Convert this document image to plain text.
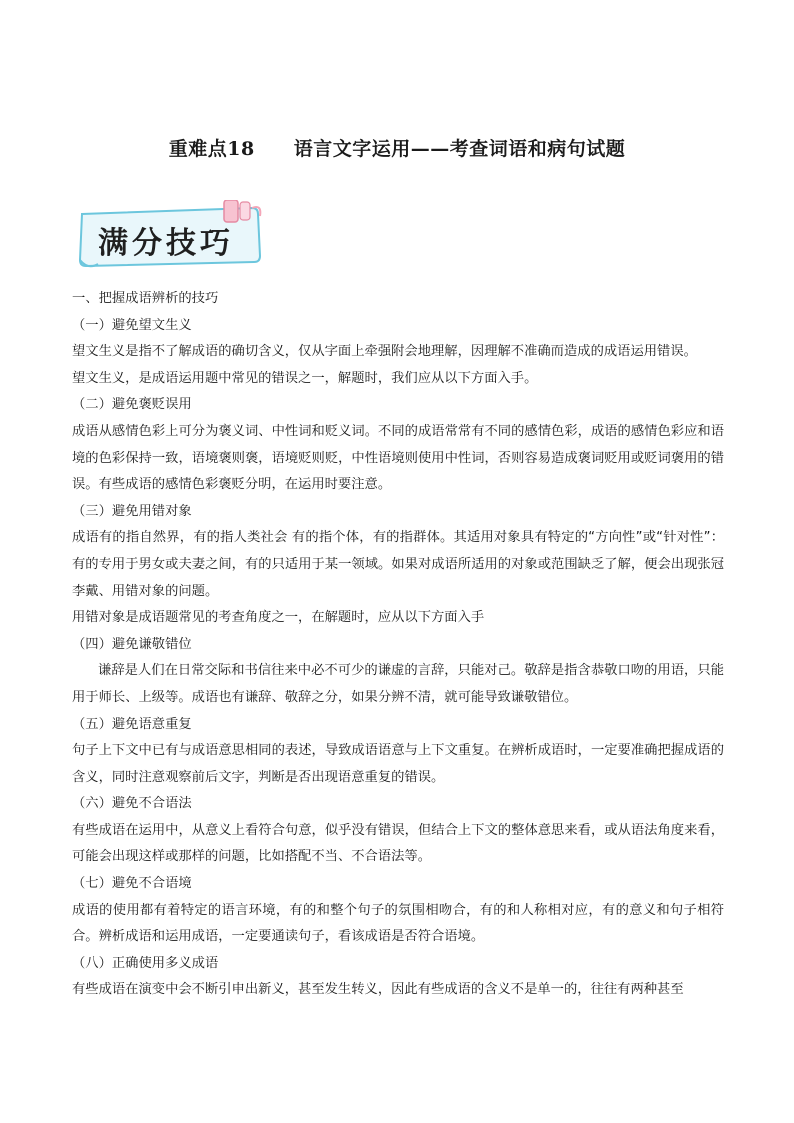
重难点18　　语言文字运用——考查词语和病句试题
满分技巧

一、把握成语辨析的技巧

（一）避免望文生义

望文生义是指不了解成语的确切含义，仅从字面上牵强附会地理解，因理解不准确而造成的成语运用错误。

望文生义，是成语运用题中常见的错误之一，解题时，我们应从以下方面入手。

（二）避免褒贬误用

成语从感情色彩上可分为褒义词、中性词和贬义词。不同的成语常常有不同的感情色彩，成语的感情色彩应和语境的色彩保持一致，语境褒则褒，语境贬则贬，中性语境则使用中性词，否则容易造成褒词贬用或贬词褒用的错误。有些成语的感情色彩褒贬分明，在运用时要注意。

（三）避免用错对象

成语有的指自然界，有的指人类社会 有的指个体，有的指群体。其适用对象具有特定的“方向性”或“针对性”：有的专用于男女或夫妻之间，有的只适用于某一领域。如果对成语所适用的对象或范围缺乏了解，便会出现张冠李戴、用错对象的问题。

用错对象是成语题常见的考查角度之一，在解题时，应从以下方面入手

（四）避免谦敬错位

谦辞是人们在日常交际和书信往来中必不可少的谦虚的言辞，只能对己。敬辞是指含恭敬口吻的用语，只能用于师长、上级等。成语也有谦辞、敬辞之分，如果分辨不清，就可能导致谦敬错位。

（五）避免语意重复

句子上下文中已有与成语意思相同的表述，导致成语语意与上下文重复。在辨析成语时，一定要准确把握成语的含义，同时注意观察前后文字，判断是否出现语意重复的错误。

（六）避免不合语法

有些成语在运用中，从意义上看符合句意，似乎没有错误，但结合上下文的整体意思来看，或从语法角度来看，可能会出现这样或那样的问题，比如搭配不当、不合语法等。

（七）避免不合语境

成语的使用都有着特定的语言环境，有的和整个句子的氛围相吻合，有的和人称相对应，有的意义和句子相符合。辨析成语和运用成语，一定要通读句子，看该成语是否符合语境。

（八）正确使用多义成语

有些成语在演变中会不断引申出新义，甚至发生转义，因此有些成语的含义不是单一的，往往有两种甚至
